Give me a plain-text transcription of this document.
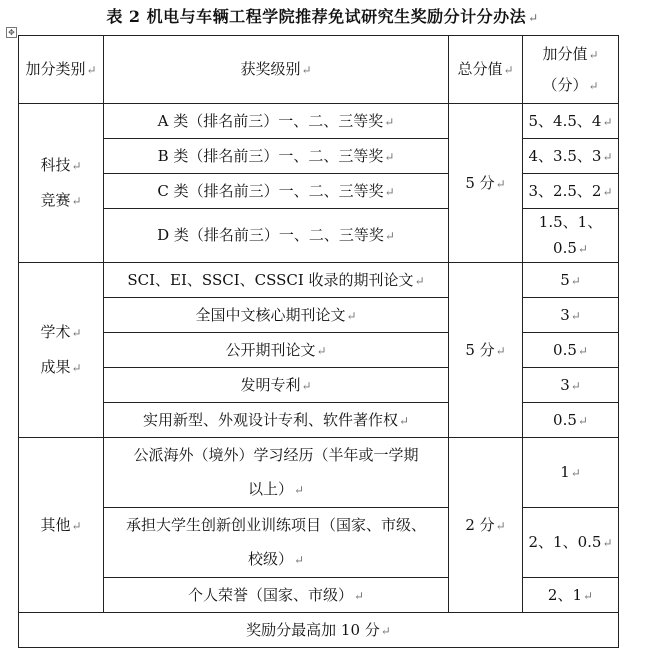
表 2 机电与车辆工程学院推荐免试研究生奖励分计分办法 ↵
✥
加分类别↵	获奖级别↵	总分值↵	加分值↵
（分）↵
科技↵
竞赛↵	A 类（排名前三）一、二、三等奖↵	5 分↵	5、4.5、4↵
	B 类（排名前三）一、二、三等奖↵		4、3.5、3↵
	C 类（排名前三）一、二、三等奖↵		3、2.5、2↵
	D 类（排名前三）一、二、三等奖↵		1.5、1、0.5↵
学术↵
成果↵	SCI、EI、SSCI、CSSCI 收录的期刊论文↵	5 分↵	5↵
	全国中文核心期刊论文↵		3↵
	公开期刊论文↵		0.5↵
	发明专利↵		3↵
	实用新型、外观设计专利、软件著作权↵		0.5↵
其他↵	公派海外（境外）学习经历（半年或一学期
以上）↵	2 分↵	1↵
	承担大学生创新创业训练项目（国家、市级、
校级）↵		2、1、0.5↵
	个人荣誉（国家、市级）↵		2、1↵
奖励分最高加 10 分↵			
